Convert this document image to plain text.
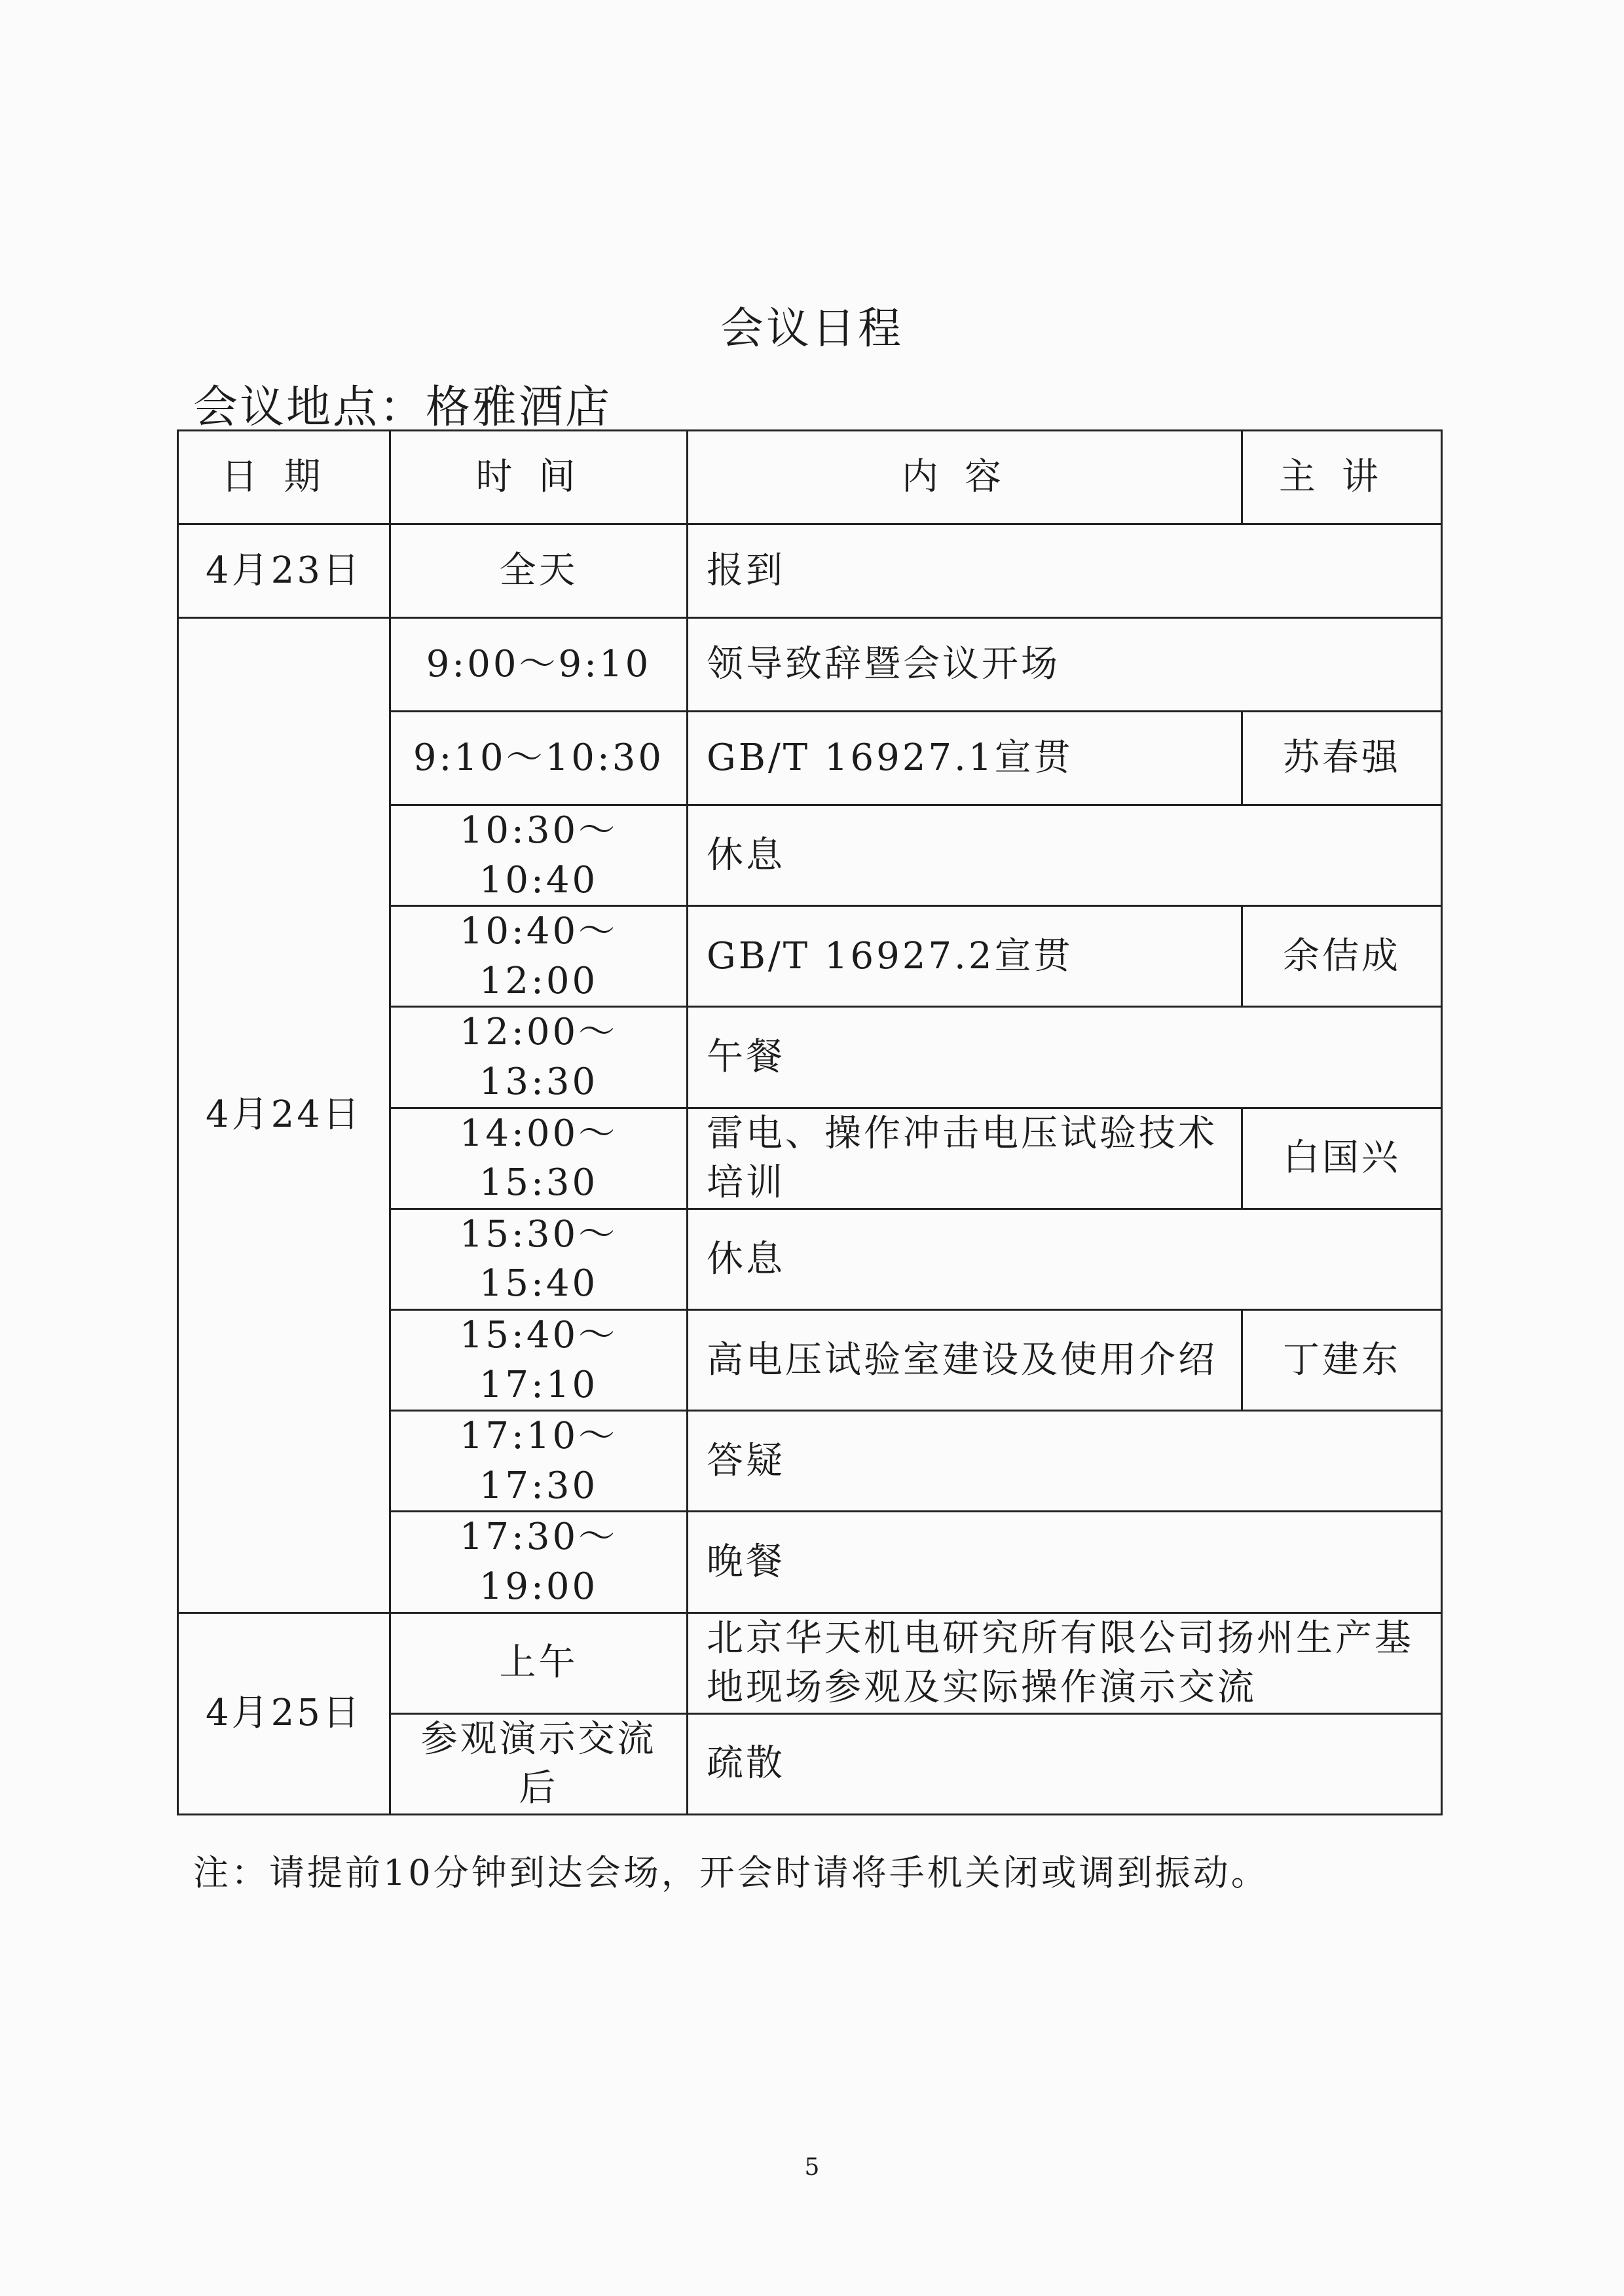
会议日程
会议地点：格雅酒店
日期	时间	内容	主讲
4月23日	全天	报到	
4月24日	9:00～9:10	领导致辞暨会议开场	
	9:10～10:30	GB/T 16927.1宣贯	苏春强
	10:30～10:40	休息	
	10:40～12:00	GB/T 16927.2宣贯	余佶成
	12:00～13:30	午餐	
	14:00～15:30	雷电、操作冲击电压试验技术培训	白国兴
	15:30～15:40	休息	
	15:40～17:10	高电压试验室建设及使用介绍	丁建东
	17:10～17:30	答疑	
	17:30～19:00	晚餐	
4月25日	上午	北京华天机电研究所有限公司扬州生产基地现场参观及实际操作演示交流	
	参观演示交流后	疏散	
注：请提前10分钟到达会场，开会时请将手机关闭或调到振动。
5
